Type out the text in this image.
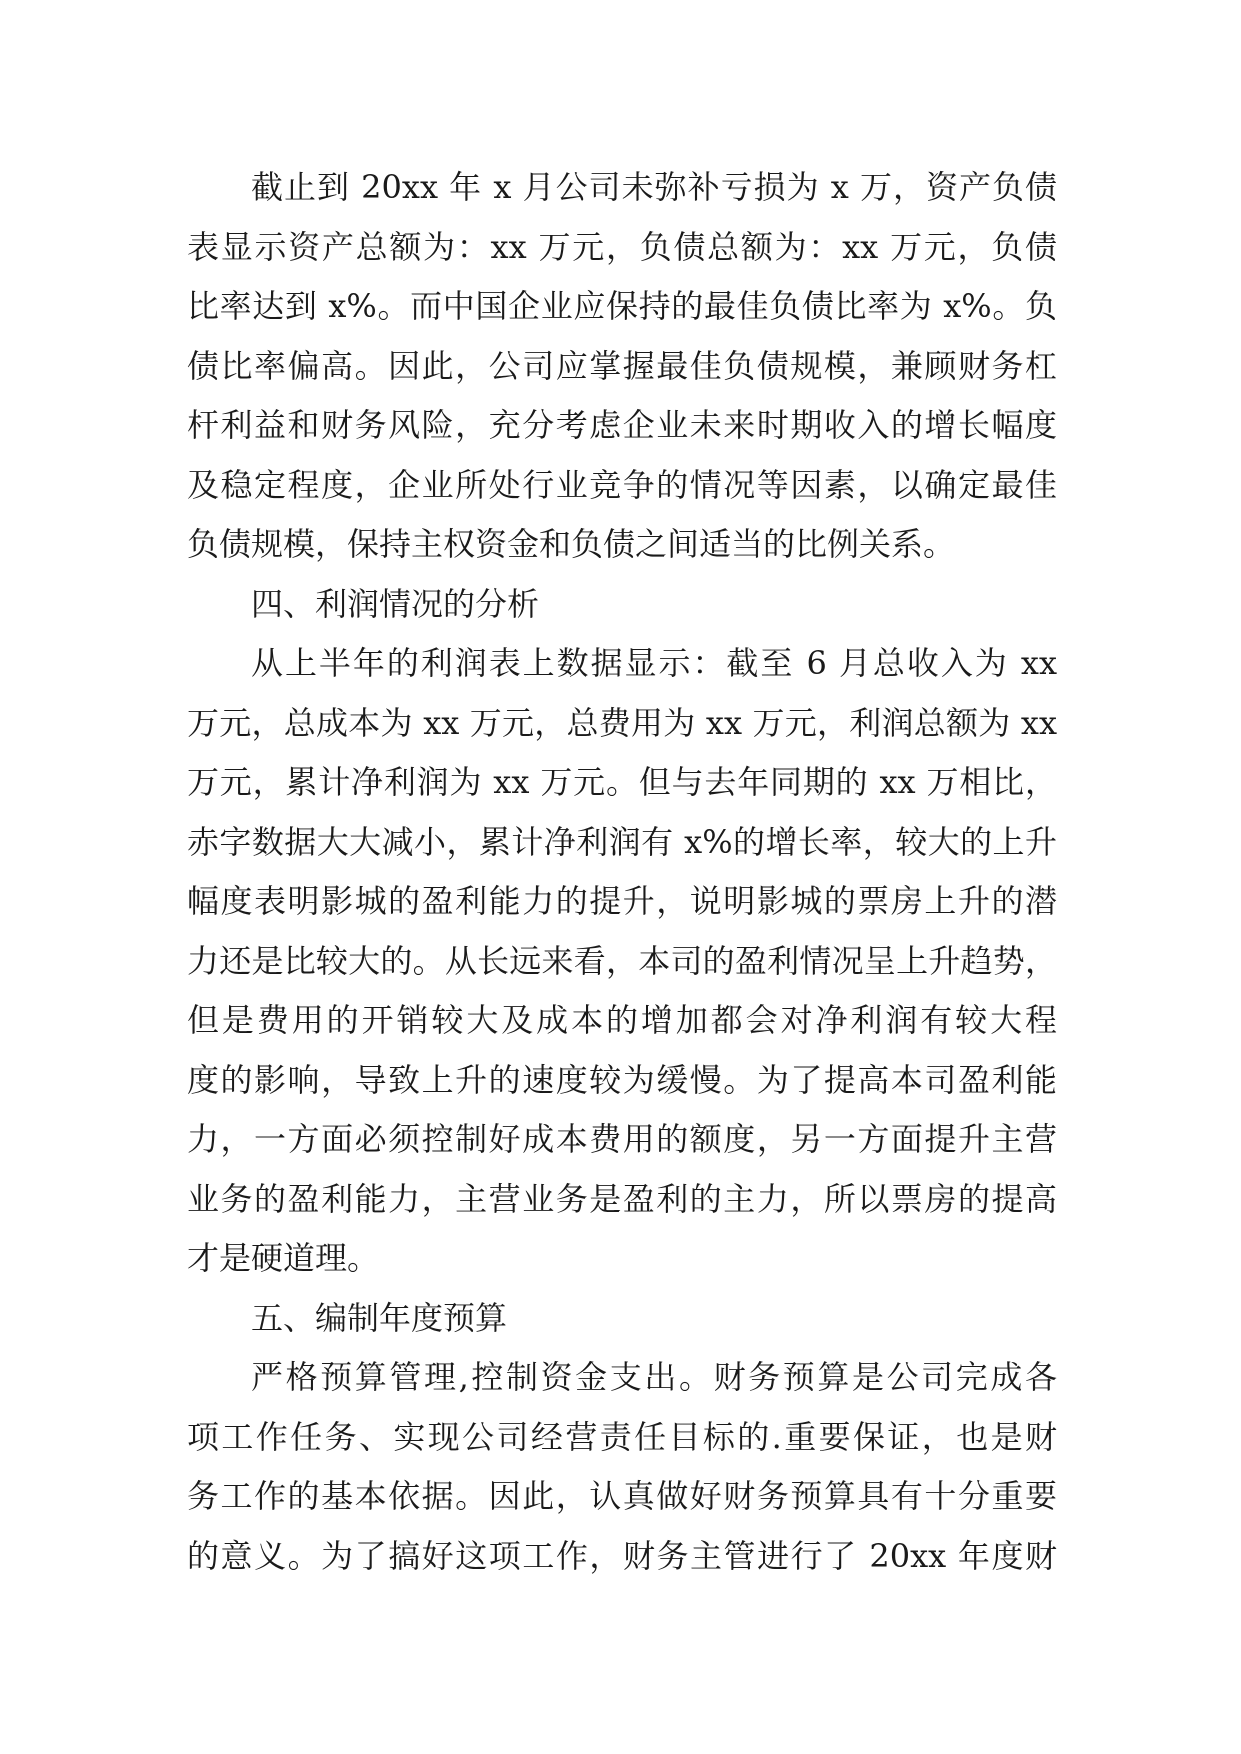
截止到 20xx 年 x 月公司未弥补亏损为 x 万，资产负债
表显示资产总额为：xx 万元，负债总额为：xx 万元，负债
比率达到 x%。而中国企业应保持的最佳负债比率为 x%。负
债比率偏高。因此，公司应掌握最佳负债规模，兼顾财务杠
杆利益和财务风险，充分考虑企业未来时期收入的增长幅度
及稳定程度，企业所处行业竞争的情况等因素，以确定最佳
负债规模，保持主权资金和负债之间适当的比例关系。
四、利润情况的分析
从上半年的利润表上数据显示：截至 6 月总收入为 xx
万元，总成本为 xx 万元，总费用为 xx 万元，利润总额为 xx
万元，累计净利润为 xx 万元。但与去年同期的 xx 万相比，
赤字数据大大减小，累计净利润有 x%的增长率，较大的上升
幅度表明影城的盈利能力的提升，说明影城的票房上升的潜
力还是比较大的。从长远来看，本司的盈利情况呈上升趋势，
但是费用的开销较大及成本的增加都会对净利润有较大程
度的影响，导致上升的速度较为缓慢。为了提高本司盈利能
力，一方面必须控制好成本费用的额度，另一方面提升主营
业务的盈利能力，主营业务是盈利的主力，所以票房的提高
才是硬道理。
五、编制年度预算
严格预算管理,控制资金支出。财务预算是公司完成各
项工作任务、实现公司经营责任目标的.重要保证，也是财
务工作的基本依据。因此，认真做好财务预算具有十分重要
的意义。为了搞好这项工作，财务主管进行了 20xx 年度财
